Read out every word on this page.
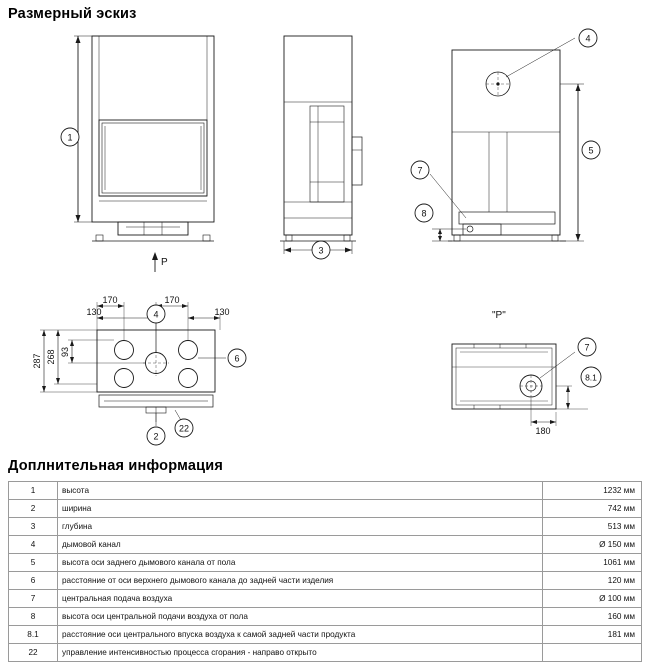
Размерный эскиз
Доплнительная информация
1
2
3
4
4
5
6
7
7
8
8.1
22
170	170
130	130
180
287 268 93
P
"P"
1	высота	1232 мм
2	ширина	742 мм
3	глубина	513 мм
4	дымовой канал	Ø 150 мм
5	высота оси заднего дымового канала от пола	1061 мм
6	расстояние от оси верхнего дымового канала до задней части изделия	120 мм
7	центральная подача воздуха	Ø 100 мм
8	высота оси центральной подачи воздуха от пола	160 мм
8.1	расстояние оси центрального впуска воздуха к самой задней части продукта	181 мм
22	управление интенсивностью процесса сгорания - направо открыто	
